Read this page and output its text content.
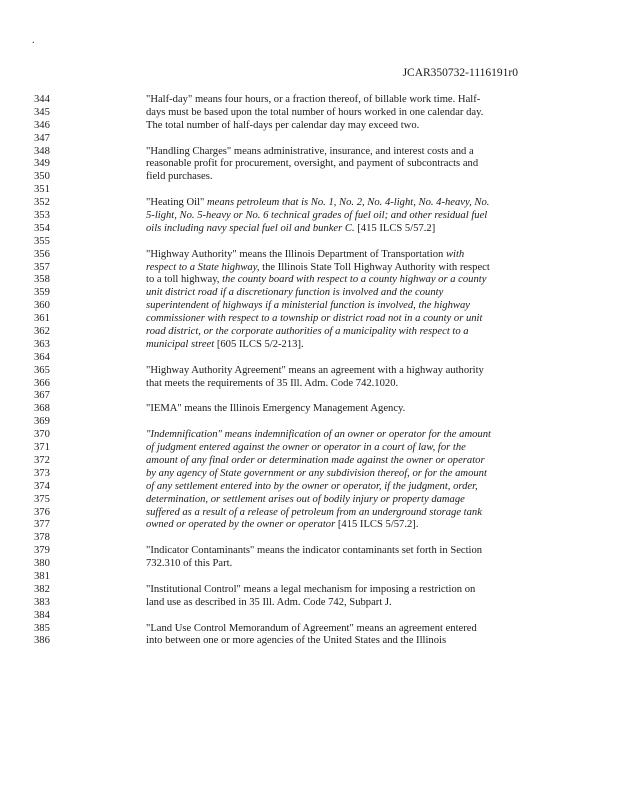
.
JCAR350732-1116191r0
344	"Half-day" means four hours, or a fraction thereof, of billable work time. Half-
345	days must be based upon the total number of hours worked in one calendar day.
346	The total number of half-days per calendar day may exceed two.
347
348	"Handling Charges" means administrative, insurance, and interest costs and a
349	reasonable profit for procurement, oversight, and payment of subcontracts and
350	field purchases.
351
352	"Heating Oil" means petroleum that is No. 1, No. 2, No. 4-light, No. 4-heavy, No.
353	5-light, No. 5-heavy or No. 6 technical grades of fuel oil; and other residual fuel
354	oils including navy special fuel oil and bunker C. [415 ILCS 5/57.2]
355
356	"Highway Authority" means the Illinois Department of Transportation with
357	respect to a State highway, the Illinois State Toll Highway Authority with respect
358	to a toll highway, the county board with respect to a county highway or a county
359	unit district road if a discretionary function is involved and the county
360	superintendent of highways if a ministerial function is involved, the highway
361	commissioner with respect to a township or district road not in a county or unit
362	road district, or the corporate authorities of a municipality with respect to a
363	municipal street [605 ILCS 5/2-213].
364
365	"Highway Authority Agreement" means an agreement with a highway authority
366	that meets the requirements of 35 Ill. Adm. Code 742.1020.
367
368	"IEMA" means the Illinois Emergency Management Agency.
369
370	"Indemnification" means indemnification of an owner or operator for the amount
371	of judgment entered against the owner or operator in a court of law, for the
372	amount of any final order or determination made against the owner or operator
373	by any agency of State government or any subdivision thereof, or for the amount
374	of any settlement entered into by the owner or operator, if the judgment, order,
375	determination, or settlement arises out of bodily injury or property damage
376	suffered as a result of a release of petroleum from an underground storage tank
377	owned or operated by the owner or operator [415 ILCS 5/57.2].
378
379	"Indicator Contaminants" means the indicator contaminants set forth in Section
380	732.310 of this Part.
381
382	"Institutional Control" means a legal mechanism for imposing a restriction on
383	land use as described in 35 Ill. Adm. Code 742, Subpart J.
384
385	"Land Use Control Memorandum of Agreement" means an agreement entered
386	into between one or more agencies of the United States and the Illinois
